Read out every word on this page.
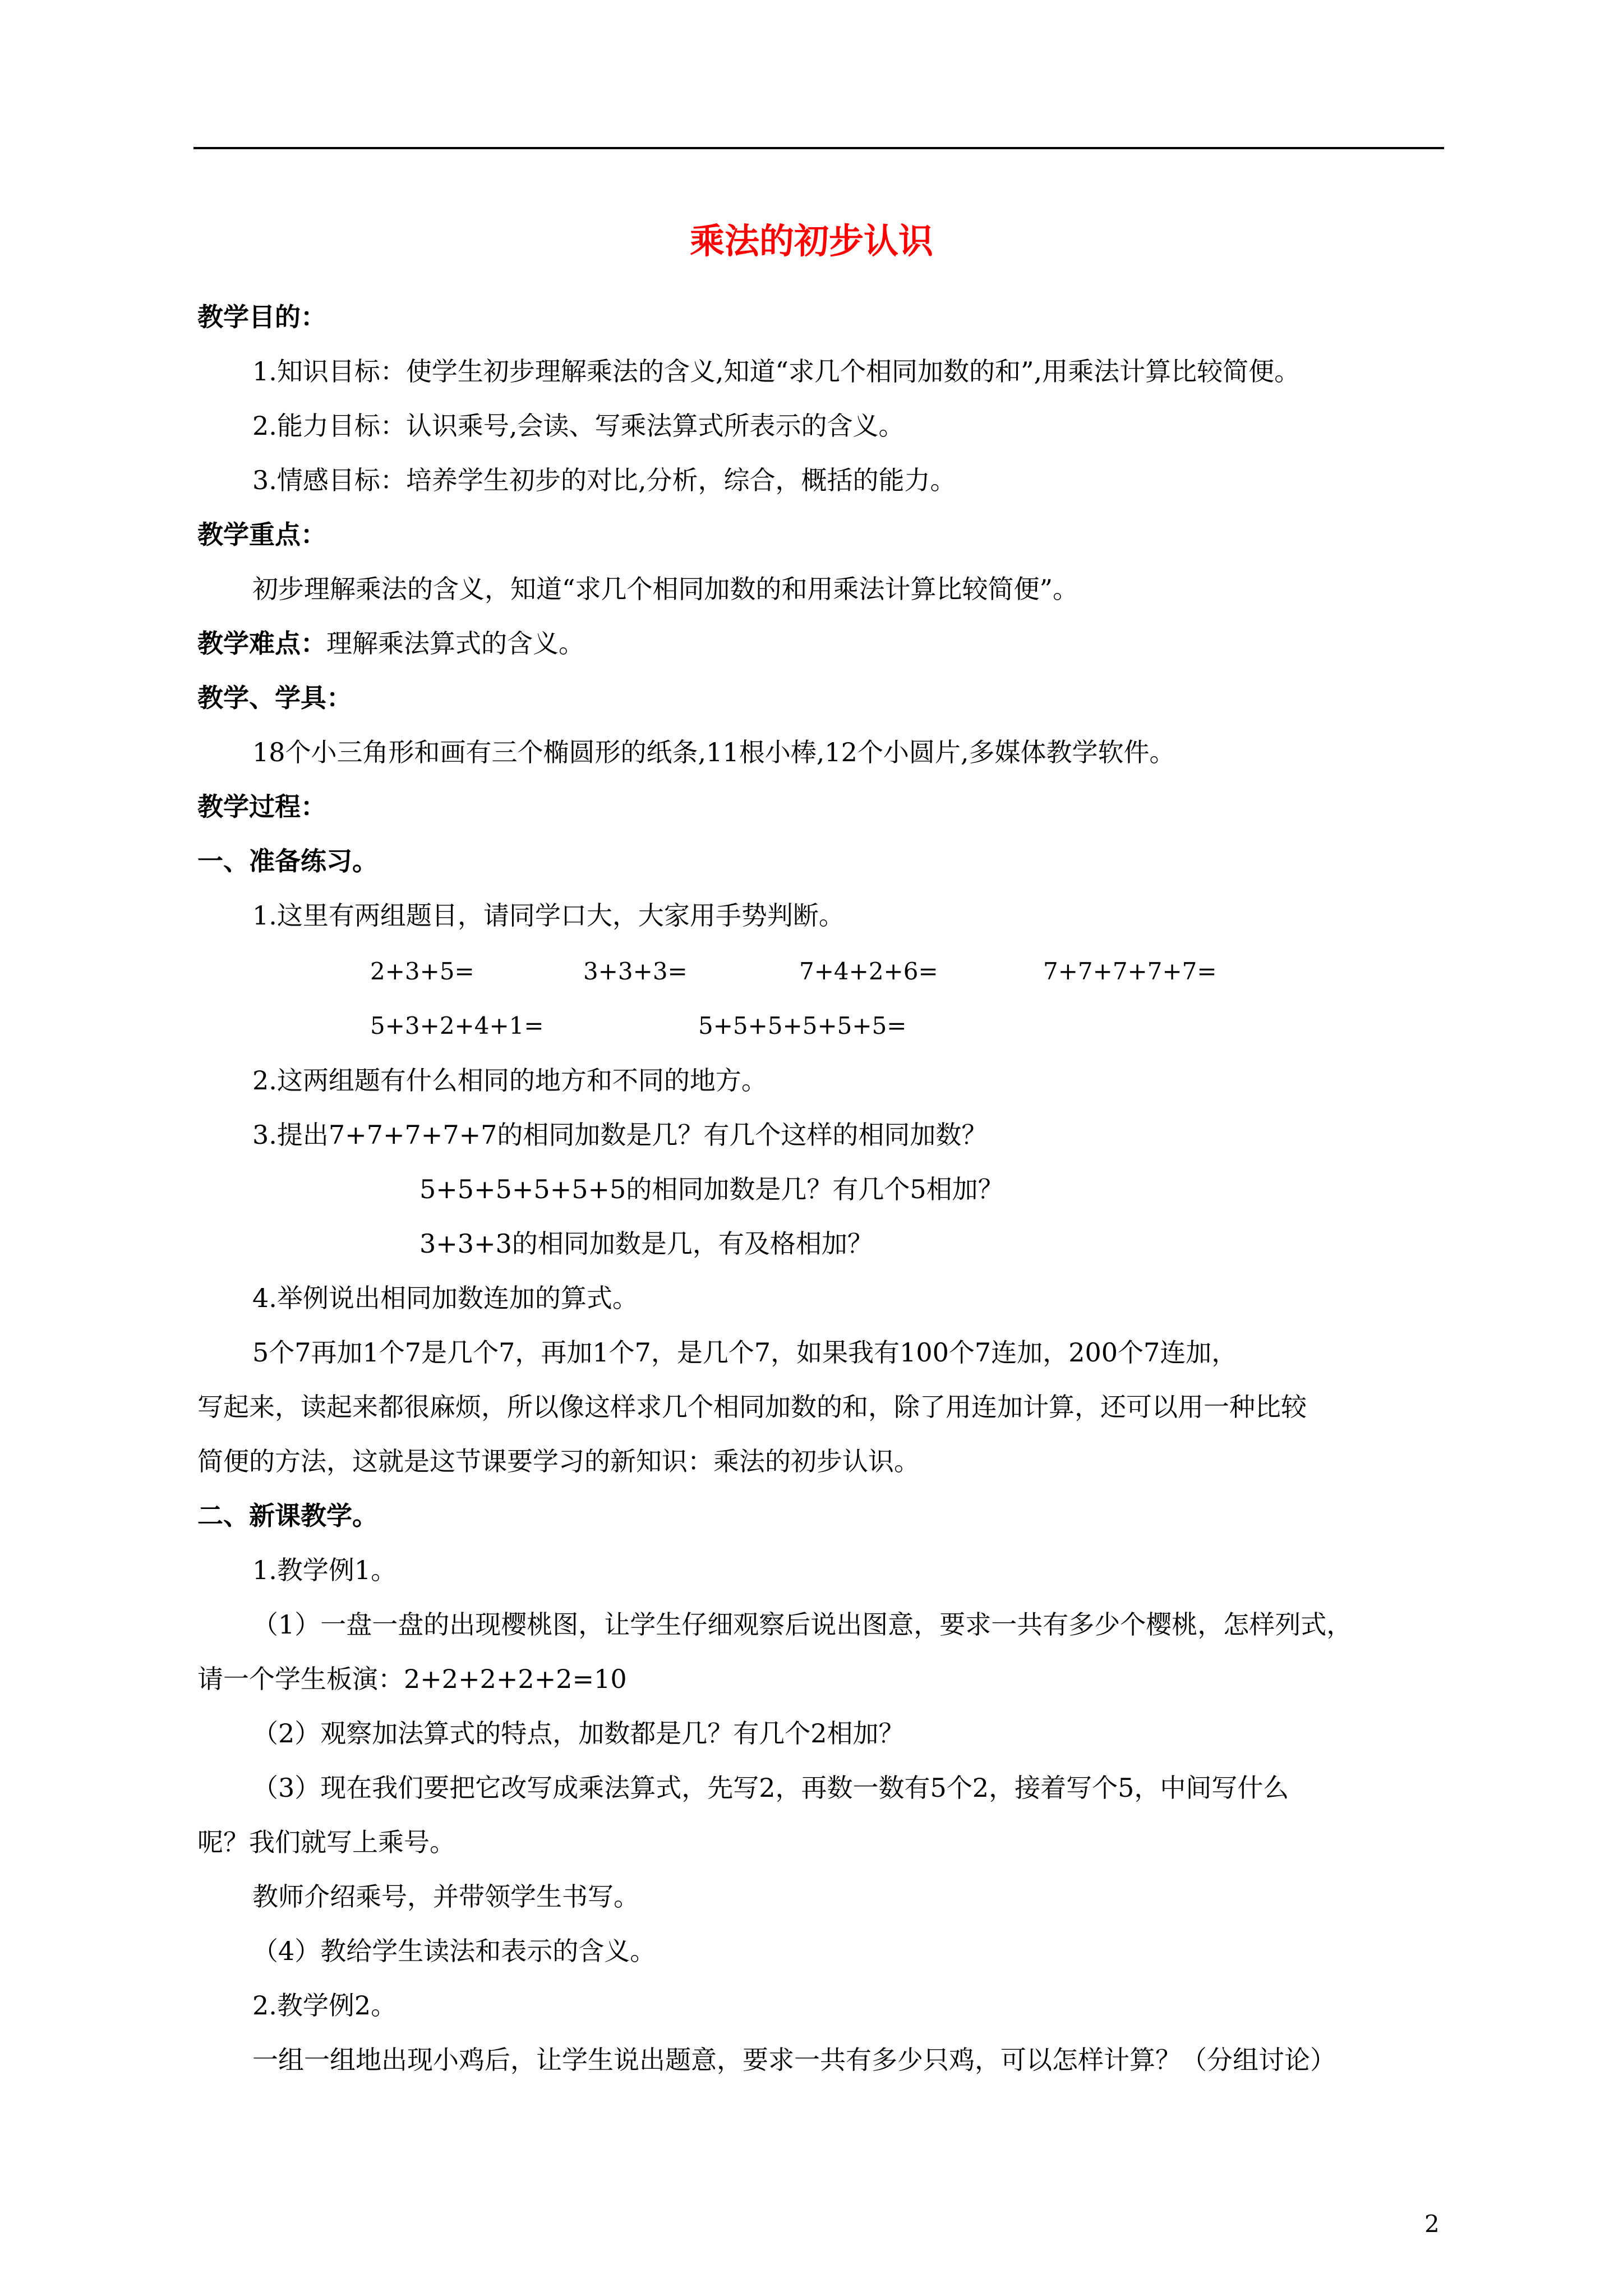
乘法的初步认识
教学目的：
1.知识目标：使学生初步理解乘法的含义,知道“求几个相同加数的和”,用乘法计算比较简便。
2.能力目标：认识乘号,会读、写乘法算式所表示的含义。
3.情感目标：培养学生初步的对比,分析，综合，概括的能力。
教学重点：
初步理解乘法的含义，知道“求几个相同加数的和用乘法计算比较简便”。
教学难点：理解乘法算式的含义。
教学、学具：
18个小三角形和画有三个椭圆形的纸条,11根小棒,12个小圆片,多媒体教学软件。
教学过程：
一、准备练习。
1.这里有两组题目，请同学口大，大家用手势判断。
2+3+5=	3+3+3=	7+4+2+6=	7+7+7+7+7=
5+3+2+4+1=	5+5+5+5+5+5=
2.这两组题有什么相同的地方和不同的地方。
3.提出7+7+7+7+7的相同加数是几？有几个这样的相同加数？
5+5+5+5+5+5的相同加数是几？有几个5相加？
3+3+3的相同加数是几，有及格相加？
4.举例说出相同加数连加的算式。
5个7再加1个7是几个7，再加1个7，是几个7，如果我有100个7连加，200个7连加，
写起来，读起来都很麻烦，所以像这样求几个相同加数的和，除了用连加计算，还可以用一种比较
简便的方法，这就是这节课要学习的新知识：乘法的初步认识。
二、新课教学。
1.教学例1。
（1）一盘一盘的出现樱桃图，让学生仔细观察后说出图意，要求一共有多少个樱桃，怎样列式，
请一个学生板演：2+2+2+2+2=10
（2）观察加法算式的特点，加数都是几？有几个2相加？
（3）现在我们要把它改写成乘法算式，先写2，再数一数有5个2，接着写个5，中间写什么
呢？我们就写上乘号。
教师介绍乘号，并带领学生书写。
（4）教给学生读法和表示的含义。
2.教学例2。
一组一组地出现小鸡后，让学生说出题意，要求一共有多少只鸡，可以怎样计算？（分组讨论）
2
